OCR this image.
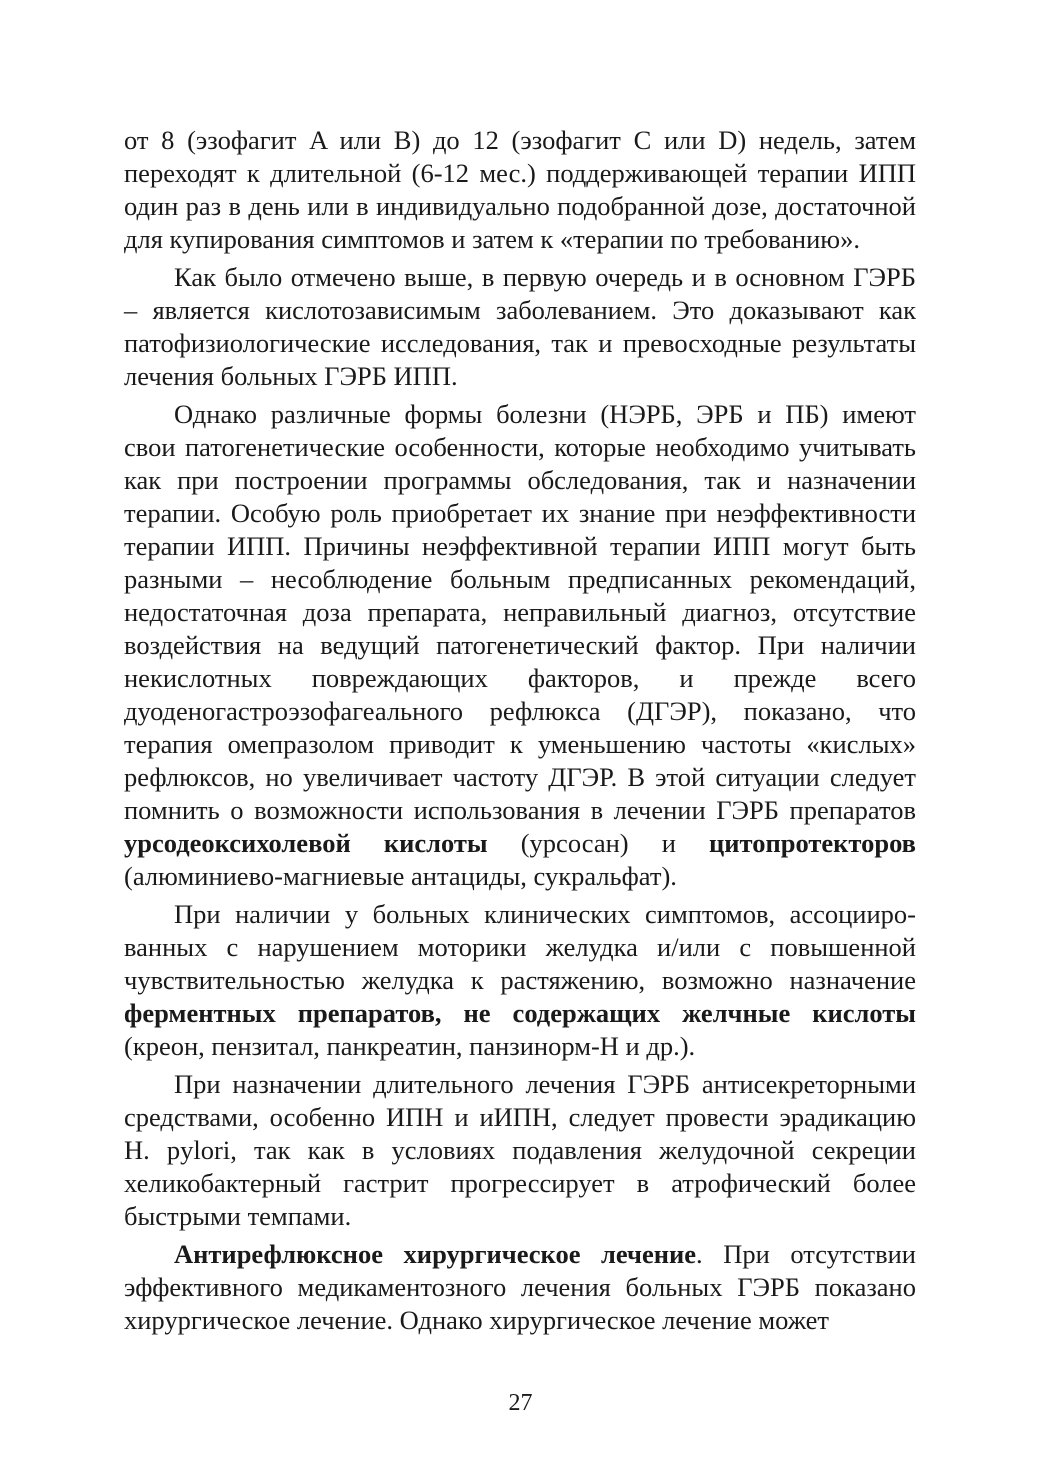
от 8 (эзофагит A или B) до 12 (эзофагит C или D) недель, затем переходят к длительной (6-12 мес.) поддерживающей терапии ИПП один раз в день или в индивидуально подобранной дозе, достаточной для купирования симптомов и затем к «терапии по требованию».

Как было отмечено выше, в первую очередь и в основном ГЭРБ – является кислотозависимым заболеванием. Это доказывают как патофизиологические исследования, так и превосходные результаты лечения больных ГЭРБ ИПП.

Однако различные формы болезни (НЭРБ, ЭРБ и ПБ) имеют свои патогенетические особенности, которые необходимо учитывать как при построении программы обследования, так и назначении терапии. Особую роль приобретает их знание при неэффективности терапии ИПП. Причины неэффективной терапии ИПП могут быть разными – несоблюдение больным предписанных рекомендаций, недостаточная доза препарата, неправильный диагноз, отсутствие воздействия на ведущий патогенетический фактор. При наличии некислотных повреждающих факторов, и прежде всего дуоденогастроэзофагеального рефлюкса (ДГЭР), показано, что терапия омепразолом приводит к уменьшению частоты «кислых» рефлюксов, но увеличивает частоту ДГЭР. В этой ситуации следует помнить о возможности использования в лечении ГЭРБ препаратов урсодеоксихолевой кислоты (урсосан) и цитопротекторов (алюминиево-магниевые антациды, сукральфат).

При наличии у больных клинических симптомов, ассоциированных с нарушением моторики желудка и/или с повышенной чувствительностью желудка к растяжению, возможно назначение ферментных препаратов, не содержащих желчные кислоты (креон, пензитал, панкреатин, панзинорм-Н и др.).

При назначении длительного лечения ГЭРБ антисекреторными средствами, особенно ИПН и иИПН, следует провести эрадикацию H. pylori, так как в условиях подавления желудочной секреции хеликобактерный гастрит прогрессирует в атрофический более быстрыми темпами.

Антирефлюксное хирургическое лечение. При отсутствии эффективного медикаментозного лечения больных ГЭРБ показано хирургическое лечение. Однако хирургическое лечение может

27
